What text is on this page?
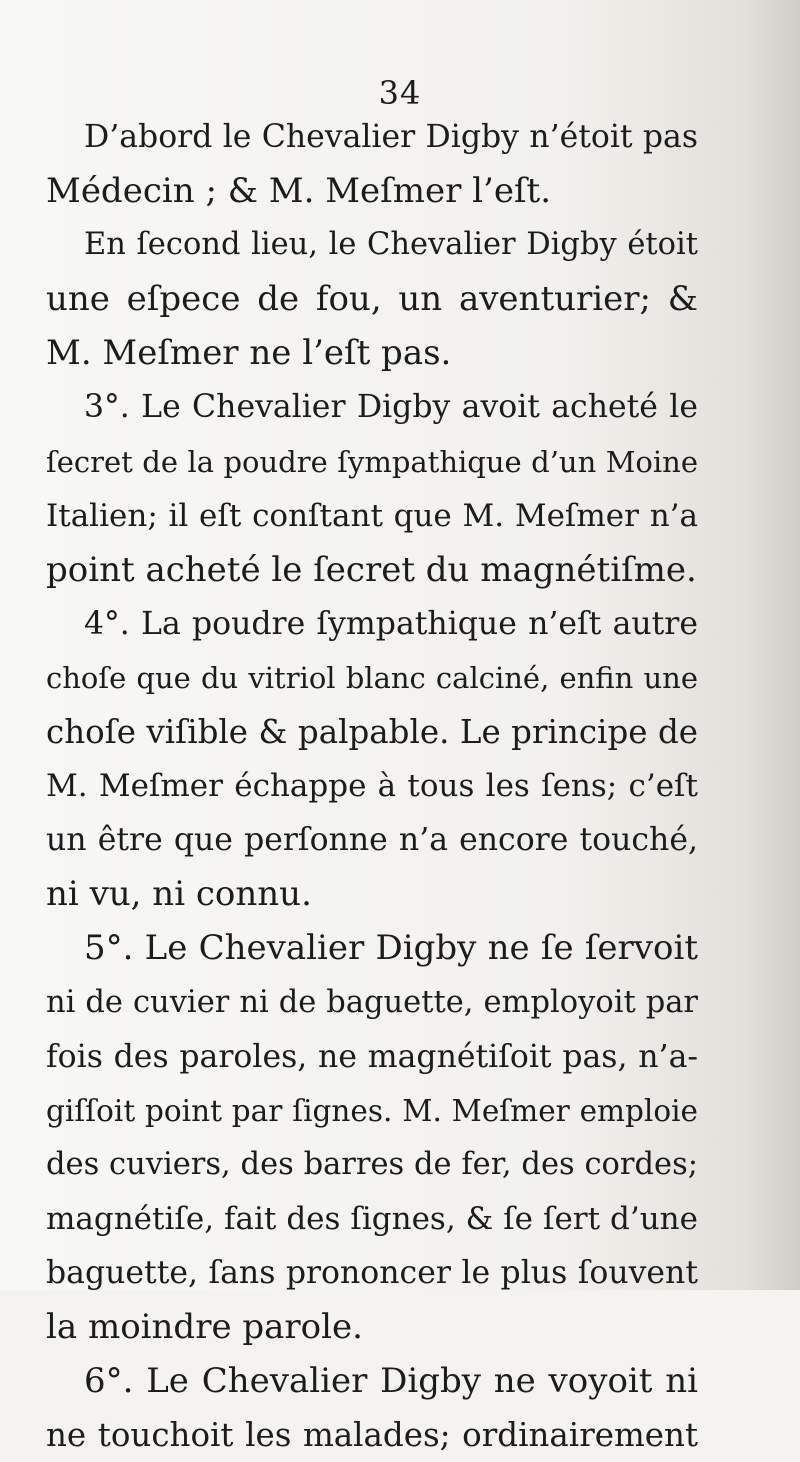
34
D’abord le Chevalier Digby n’étoit pas
Médecin ; & M. Meſmer l’eſt.
En ſecond lieu, le Chevalier Digby étoit
une eſpece de fou, un aventurier; &
M. Meſmer ne l’eſt pas.
3°. Le Chevalier Digby avoit acheté le
ſecret de la poudre ſympathique d’un Moine
Italien; il eſt conſtant que M. Meſmer n’a
point acheté le ſecret du magnétiſme.
4°. La poudre ſympathique n’eſt autre
choſe que du vitriol blanc calciné, enfin une
choſe viſible & palpable. Le principe de
M. Meſmer échappe à tous les ſens; c’eſt
un être que perſonne n’a encore touché,
ni vu, ni connu.
5°. Le Chevalier Digby ne ſe ſervoit
ni de cuvier ni de baguette, employoit par
fois des paroles, ne magnétiſoit pas, n’a-
giſſoit point par ſignes. M. Meſmer emploie
des cuviers, des barres de fer, des cordes;
magnétiſe, fait des ſignes, & ſe ſert d’une
baguette, ſans prononcer le plus ſouvent
la moindre parole.
6°. Le Chevalier Digby ne voyoit ni
ne touchoit les malades; ordinairement
